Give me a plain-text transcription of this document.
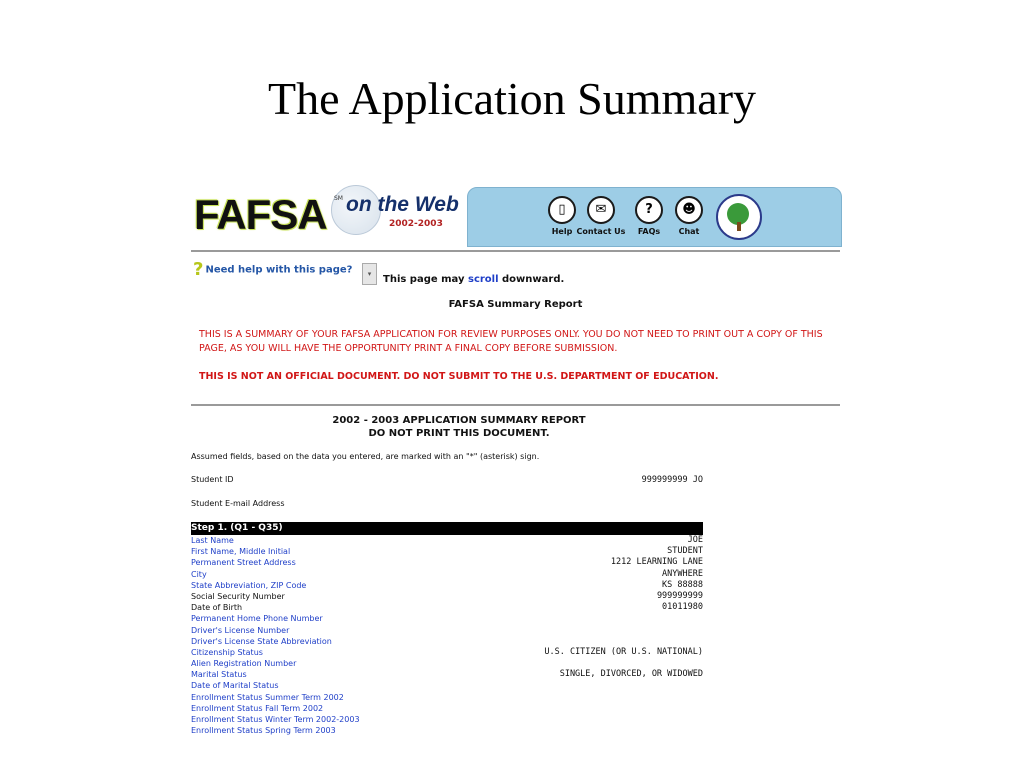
The Application Summary
FAFSA SM on the Web
2002-2003
▯
Help
✉
Contact Us
?
FAQs
☻
Chat
? Need help with this page?	▾	This page may scroll downward.
FAFSA Summary Report
THIS IS A SUMMARY OF YOUR FAFSA APPLICATION FOR REVIEW PURPOSES ONLY. YOU DO NOT NEED TO PRINT OUT A COPY OF THIS PAGE, AS YOU WILL HAVE THE OPPORTUNITY PRINT A FINAL COPY BEFORE SUBMISSION.
THIS IS NOT AN OFFICIAL DOCUMENT. DO NOT SUBMIT TO THE U.S. DEPARTMENT OF EDUCATION.
2002 - 2003 APPLICATION SUMMARY REPORT
DO NOT PRINT THIS DOCUMENT.
Assumed fields, based on the data you entered, are marked with an "*" (asterisk) sign.
Student ID	999999999 JO
Student E-mail Address
Step 1. (Q1 - Q35)
Last Name	JOE
First Name, Middle Initial	STUDENT
Permanent Street Address	1212 LEARNING LANE
City	ANYWHERE
State Abbreviation, ZIP Code	KS 88888
Social Security Number	999999999
Date of Birth	01011980
Permanent Home Phone Number
Driver's License Number
Driver's License State Abbreviation
Citizenship Status	U.S. CITIZEN (OR U.S. NATIONAL)
Alien Registration Number
Marital Status	SINGLE, DIVORCED, OR WIDOWED
Date of Marital Status
Enrollment Status Summer Term 2002
Enrollment Status Fall Term 2002
Enrollment Status Winter Term 2002-2003
Enrollment Status Spring Term 2003
